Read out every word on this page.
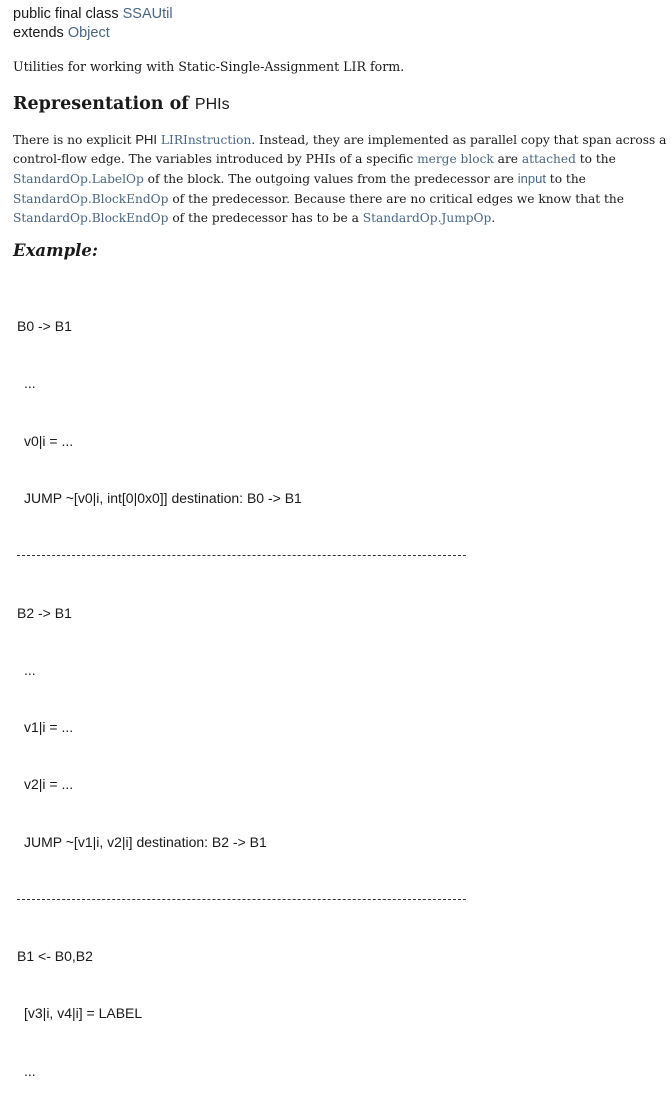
public final class SSAUtil
extends Object
Utilities for working with Static-Single-Assignment LIR form.
Representation of PHIs
There is no explicit PHI LIRInstruction. Instead, they are implemented as parallel copy that span across a control-flow edge. The variables introduced by PHIs of a specific merge block are attached to the StandardOp.LabelOp of the block. The outgoing values from the predecessor are input to the StandardOp.BlockEndOp of the predecessor. Because there are no critical edges we know that the StandardOp.BlockEndOp of the predecessor has to be a StandardOp.JumpOp.
Example:

B0 -> B1

...

v0|i = ...

JUMP ~[v0|i, int[0|0x0]] destination: B0 -> B1

B2 -> B1

...

v1|i = ...

v2|i = ...

JUMP ~[v1|i, v2|i] destination: B2 -> B1

B1 <- B0,B2

[v3|i, v4|i] = LABEL

...
